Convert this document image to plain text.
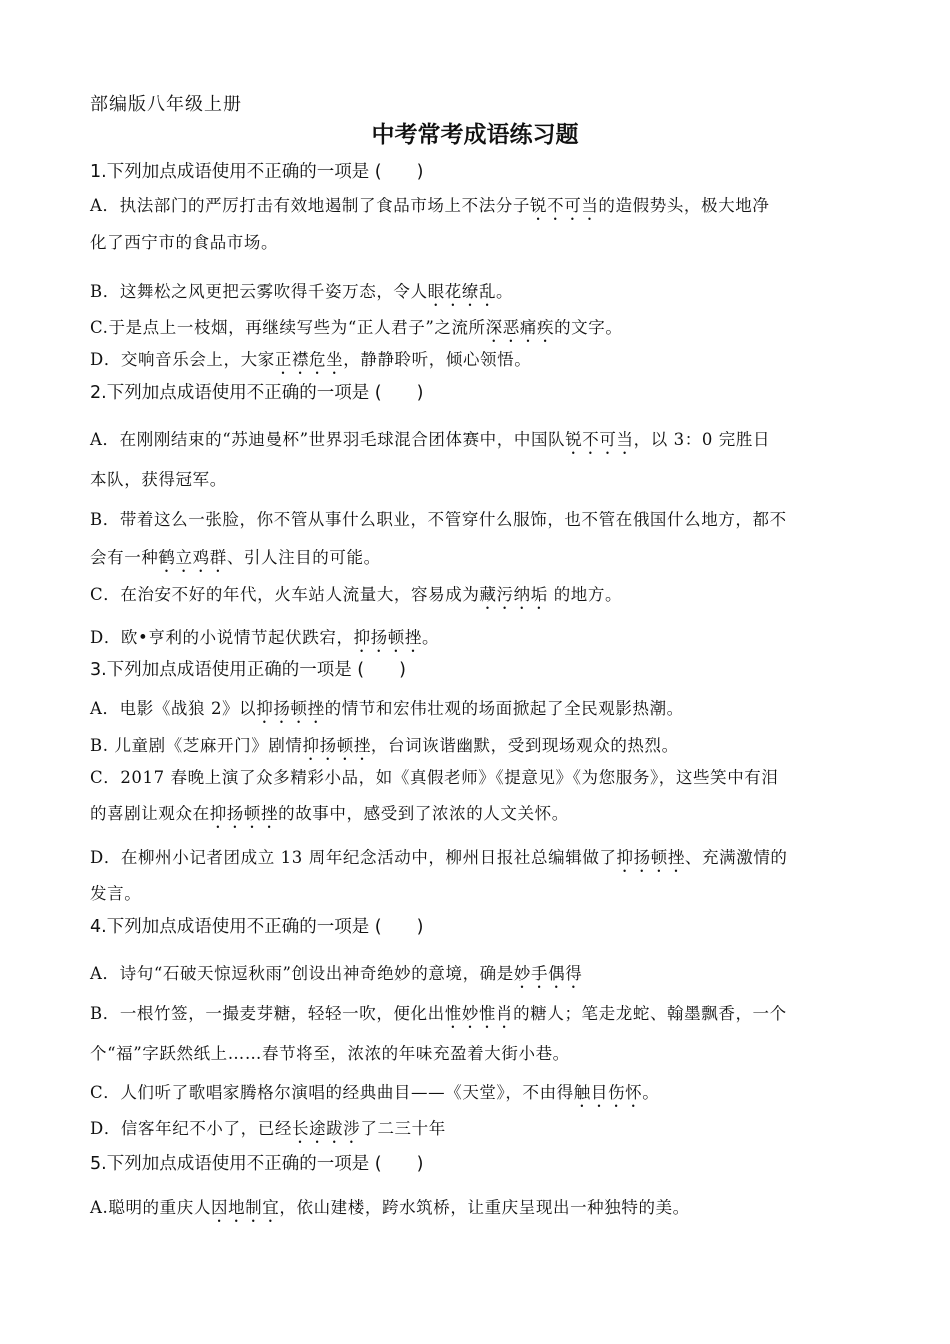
部编版八年级上册
中考常考成语练习题
1.下列加点成语使用不正确的一项是 (　　)
A．执法部门的严厉打击有效地遏制了食品市场上不法分子锐不可当的造假势头，极大地净
化了西宁市的食品市场。
B．这舞松之风更把云雾吹得千姿万态，令人眼花缭乱。
C.于是点上一枝烟，再继续写些为“正人君子”之流所深恶痛疾的文字。
D．交响音乐会上，大家正襟危坐，静静聆听，倾心领悟。
2.下列加点成语使用不正确的一项是 (　　)
A．在刚刚结束的“苏迪曼杯”世界羽毛球混合团体赛中，中国队锐不可当，以 3：0 完胜日
本队，获得冠军。
B．带着这么一张脸，你不管从事什么职业，不管穿什么服饰，也不管在俄国什么地方，都不
会有一种鹤立鸡群、引人注目的可能。
C．在治安不好的年代，火车站人流量大，容易成为藏污纳垢 的地方。
D．欧•亨利的小说情节起伏跌宕，抑扬顿挫。
3.下列加点成语使用正确的一项是 (　　)
A．电影《战狼 2》以抑扬顿挫的情节和宏伟壮观的场面掀起了全民观影热潮。
B. 儿童剧《芝麻开门》剧情抑扬顿挫，台词诙谐幽默，受到现场观众的热烈。
C．2017 春晚上演了众多精彩小品，如《真假老师》《提意见》《为您服务》，这些笑中有泪
的喜剧让观众在抑扬顿挫的故事中，感受到了浓浓的人文关怀。
D．在柳州小记者团成立 13 周年纪念活动中，柳州日报社总编辑做了抑扬顿挫、充满激情的
发言。
4.下列加点成语使用不正确的一项是 (　　)
A．诗句“石破天惊逗秋雨”创设出神奇绝妙的意境，确是妙手偶得
B．一根竹签，一撮麦芽糖，轻轻一吹，便化出惟妙惟肖的糖人；笔走龙蛇、翰墨飘香，一个
个“福”字跃然纸上……春节将至，浓浓的年味充盈着大街小巷。
C．人们听了歌唱家腾格尔演唱的经典曲目——《天堂》，不由得触目伤怀。
D．信客年纪不小了，已经长途跋涉了二三十年
5.下列加点成语使用不正确的一项是 (　　)
A.聪明的重庆人因地制宜，依山建楼，跨水筑桥，让重庆呈现出一种独特的美。
